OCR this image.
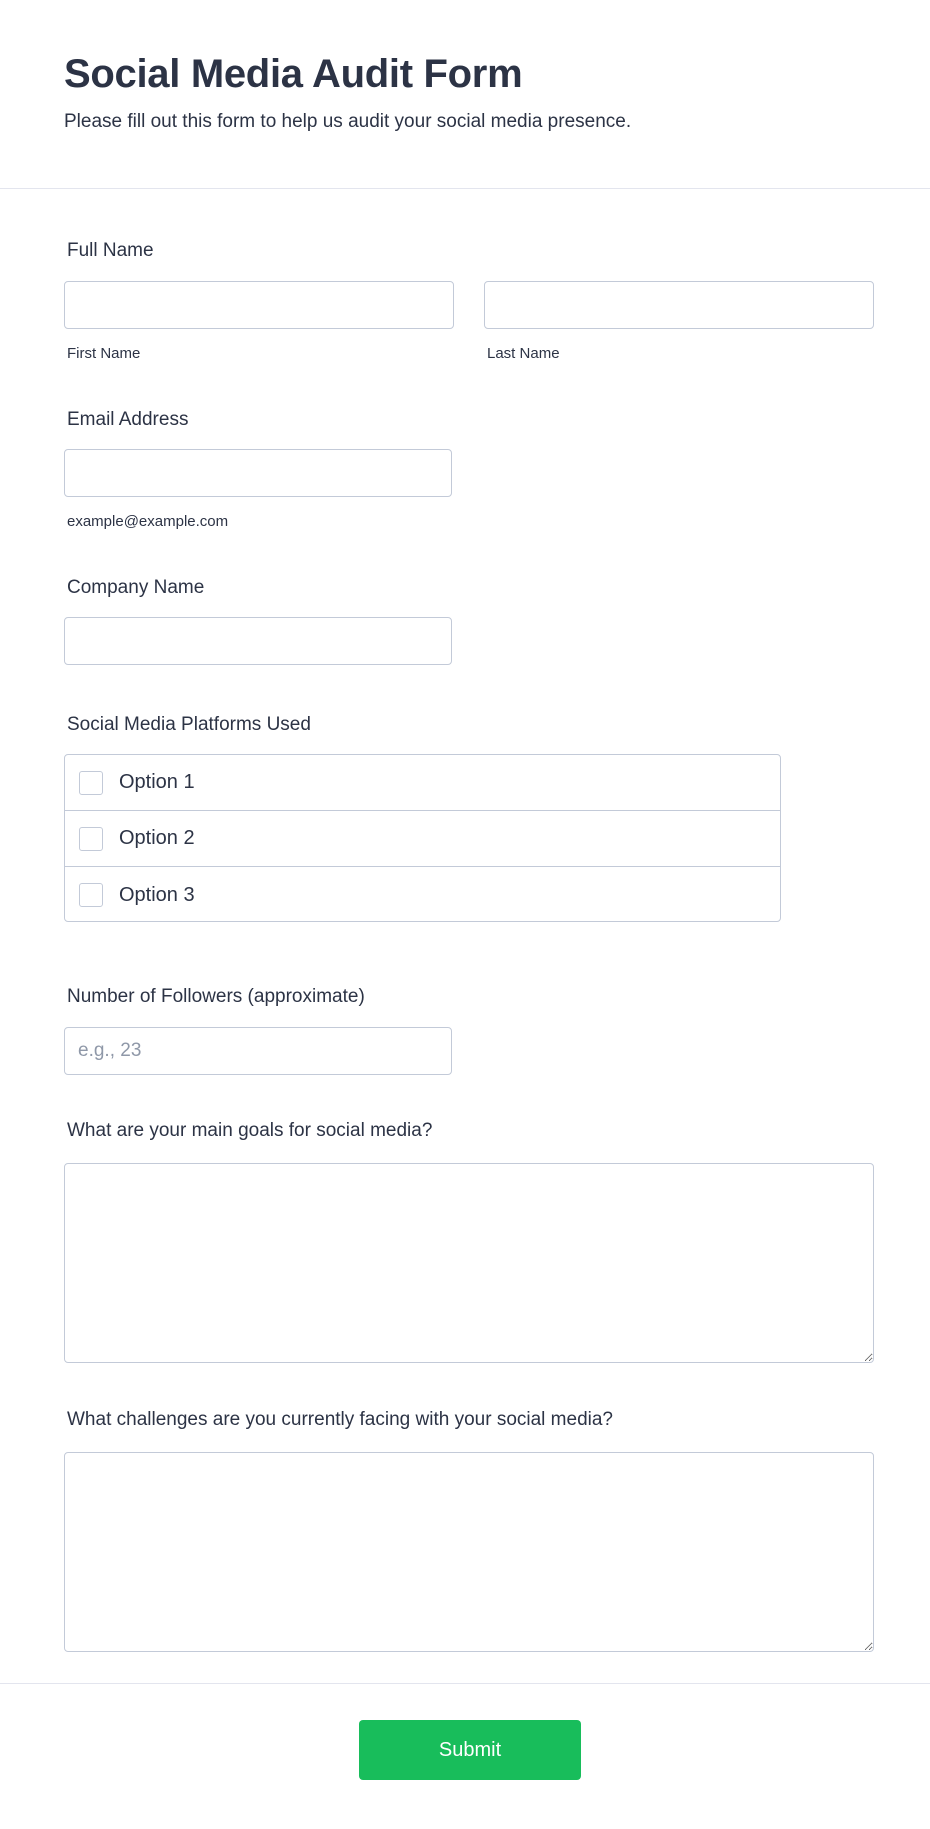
Social Media Audit Form
Please fill out this form to help us audit your social media presence.
Full Name
First Name	Last Name
Email Address
example@example.com
Company Name
Social Media Platforms Used
Option 1
Option 2
Option 3
Number of Followers (approximate)
e.g., 23
What are your main goals for social media?
What challenges are you currently facing with your social media?
Submit
